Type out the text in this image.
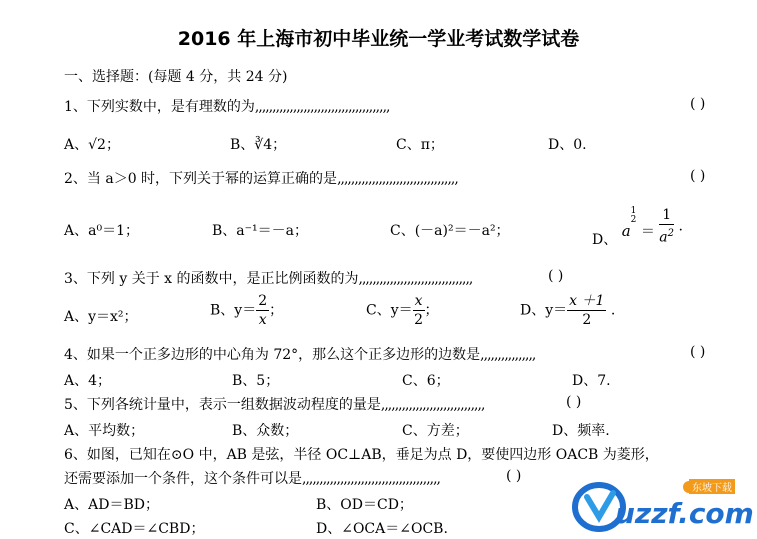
2016 年上海市初中毕业统一学业考试数学试卷
一、选择题：(每题 4 分，共 24 分)
1、下列实数中，是有理数的为,,,,,,,,,,,,,,,,,,,,,,,,,,,,,,,,,,,,,,,	( )
A、√2；	B、∛4；	C、π；	D、0.
2、当 a＞0 时，下列关于幂的运算正确的是,,,,,,,,,,,,,,,,,,,,,,,,,,,,,,,,,,,	( )
A、a⁰＝1；	B、a⁻¹＝－a；	C、(－a)²＝－a²；
D、 a
1
2
＝ $\frac{1}{a^2}$ .
3、下列 y 关于 x 的函数中，是正比例函数的为,,,,,,,,,,,,,,,,,,,,,,,,,,,,,,,,,	( )
A、y＝x²；	B、$y= \frac{2}{x}$ ；	C、$y= \frac{x}{2}$ ；	D、$y= \frac{x +1}{2}$ .
4、如果一个正多边形的中心角为 72°，那么这个正多边形的边数是,,,,,,,,,,,,,,,,	( )
A、4；	B、5；	C、6；	D、7.
5、下列各统计量中，表示一组数据波动程度的量是,,,,,,,,,,,,,,,,,,,,,,,,,,,,,,	( )
A、平均数；	B、众数；	C、方差；	D、频率.
6、如图，已知在⊙O 中，AB 是弦，半径 OC⊥AB，垂足为点 D，要使四边形 OACB 为菱形，
还需要添加一个条件，这个条件可以是,,,,,,,,,,,,,,,,,,,,,,,,,,,,,,,,,,,,,,,,	( )
A、AD＝BD；	B、OD＝CD；
C、∠CAD＝∠CBD；	D、∠OCA＝∠OCB.
东坡下载
uzzf.com
